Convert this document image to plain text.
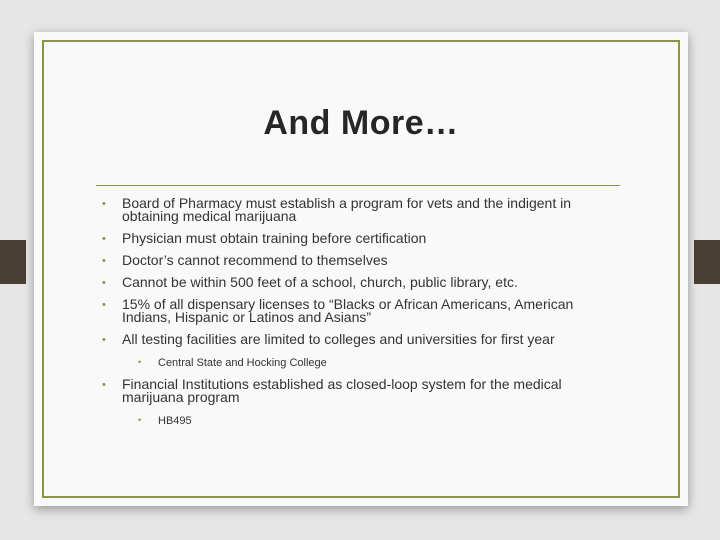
And More…
• Board of Pharmacy must establish a program for vets and the indigent in obtaining medical marijuana
• Physician must obtain training before certification
• Doctor’s cannot recommend to themselves
• Cannot be within 500 feet of a school, church, public library, etc.
• 15% of all dispensary licenses to “Blacks or African Americans, American Indians, Hispanic or Latinos and Asians”
• All testing facilities are limited to colleges and universities for first year
• Central State and Hocking College
• Financial Institutions established as closed-loop system for the medical marijuana program
• HB495
